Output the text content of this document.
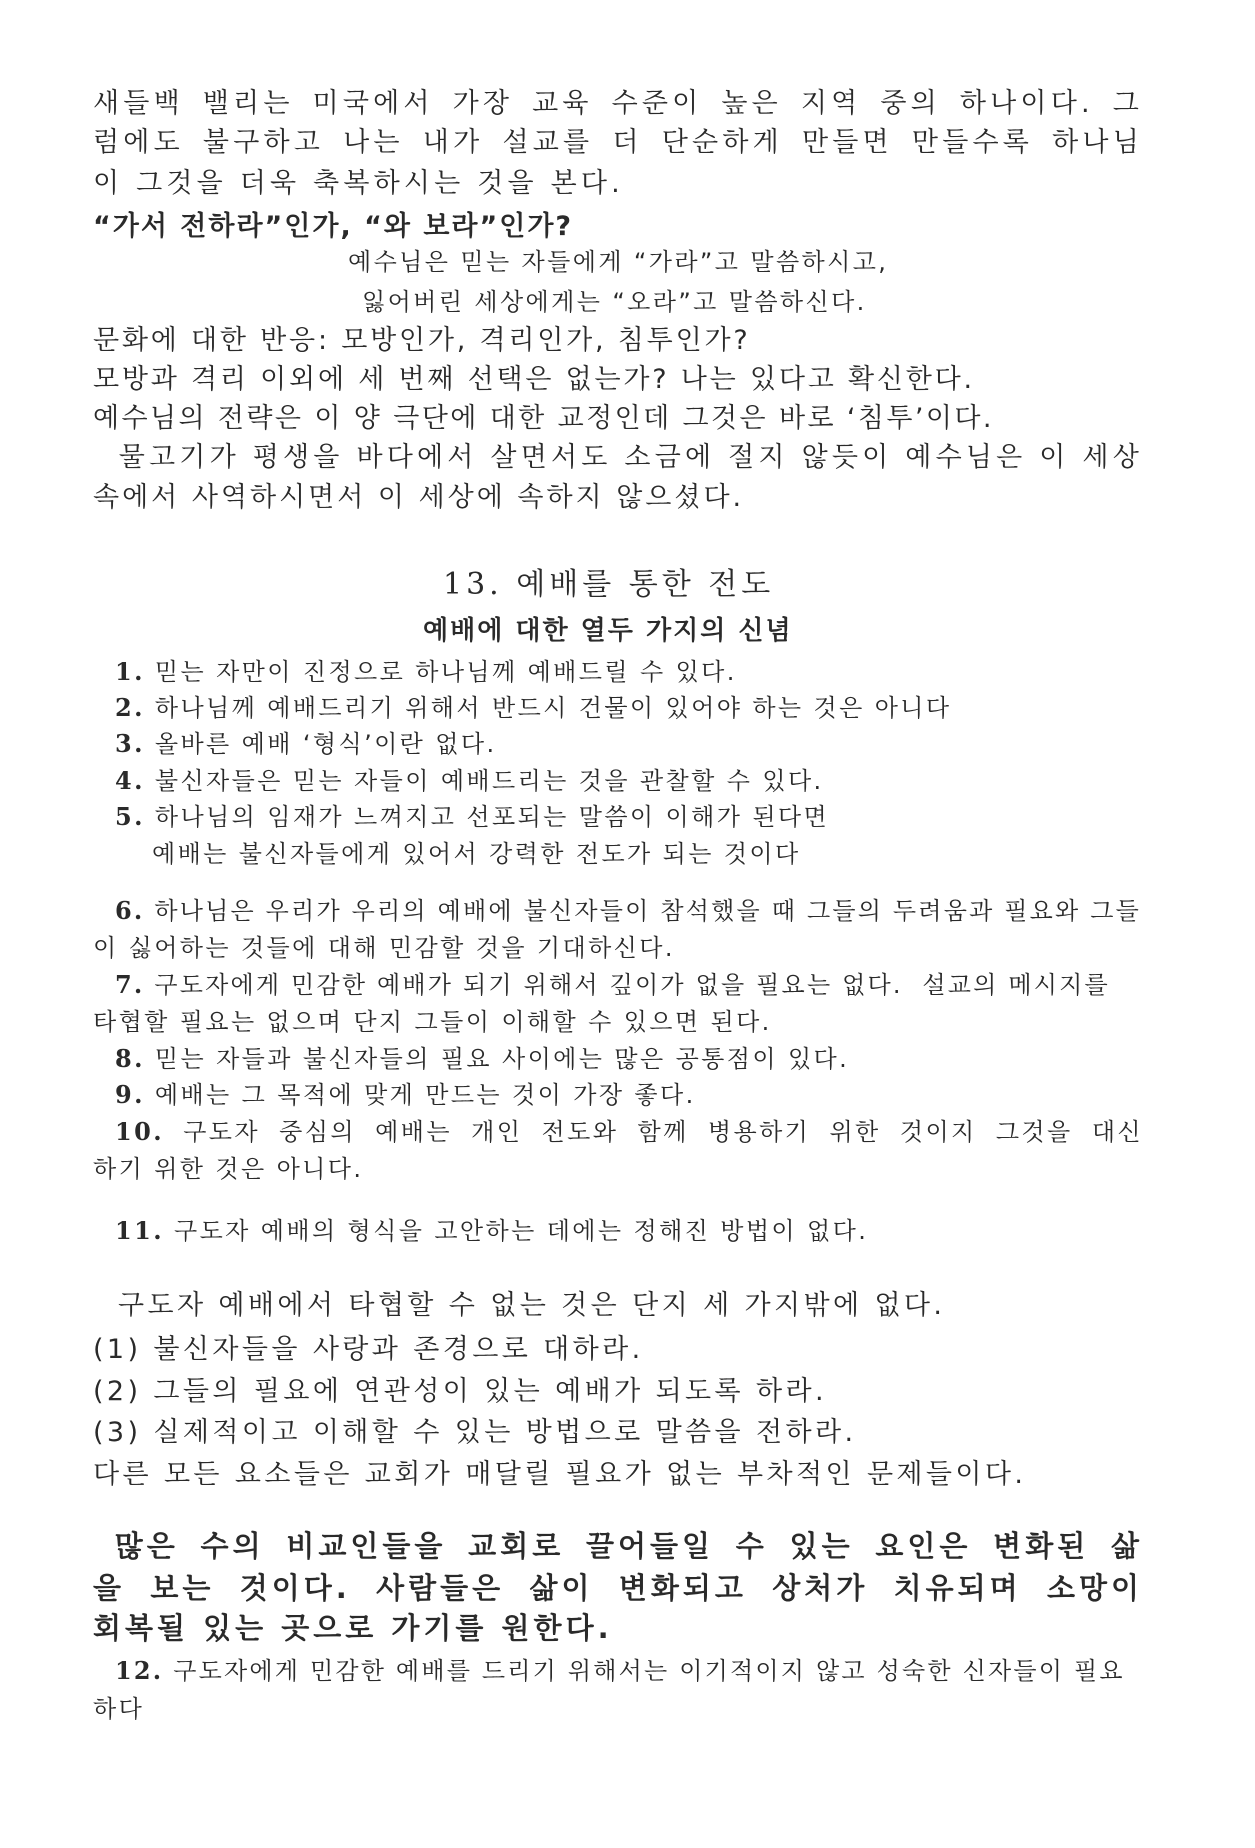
새들백 밸리는 미국에서 가장 교육 수준이 높은 지역 중의 하나이다. 그
럼에도 불구하고 나는 내가 설교를 더 단순하게 만들면 만들수록 하나님
이 그것을 더욱 축복하시는 것을 본다.
“가서 전하라”인가, “와 보라”인가?
예수님은 믿는 자들에게 “가라”고 말씀하시고,
잃어버린 세상에게는 “오라”고 말씀하신다.
문화에 대한 반응: 모방인가, 격리인가, 침투인가?
모방과 격리 이외에 세 번째 선택은 없는가? 나는 있다고 확신한다.
예수님의 전략은 이 양 극단에 대한 교정인데 그것은 바로 ‘침투’이다.
물고기가 평생을 바다에서 살면서도 소금에 절지 않듯이 예수님은 이 세상
속에서 사역하시면서 이 세상에 속하지 않으셨다.
13. 예배를 통한 전도
예배에 대한 열두 가지의 신념
1. 믿는 자만이 진정으로 하나님께 예배드릴 수 있다.
2. 하나님께 예배드리기 위해서 반드시 건물이 있어야 하는 것은 아니다
3. 올바른 예배 ‘형식’이란 없다.
4. 불신자들은 믿는 자들이 예배드리는 것을 관찰할 수 있다.
5. 하나님의 임재가 느껴지고 선포되는 말씀이 이해가 된다면
예배는 불신자들에게 있어서 강력한 전도가 되는 것이다
6. 하나님은 우리가 우리의 예배에 불신자들이 참석했을 때 그들의 두려움과 필요와 그들
이 싫어하는 것들에 대해 민감할 것을 기대하신다.
7. 구도자에게 민감한 예배가 되기 위해서 깊이가 없을 필요는 없다.  설교의 메시지를
타협할 필요는 없으며 단지 그들이 이해할 수 있으면 된다.
8. 믿는 자들과 불신자들의 필요 사이에는 많은 공통점이 있다.
9. 예배는 그 목적에 맞게 만드는 것이 가장 좋다.
10. 구도자 중심의 예배는 개인 전도와 함께 병용하기 위한 것이지 그것을 대신
하기 위한 것은 아니다.
11. 구도자 예배의 형식을 고안하는 데에는 정해진 방법이 없다.
구도자 예배에서 타협할 수 없는 것은 단지 세 가지밖에 없다.
(1) 불신자들을 사랑과 존경으로 대하라.
(2) 그들의 필요에 연관성이 있는 예배가 되도록 하라.
(3) 실제적이고 이해할 수 있는 방법으로 말씀을 전하라.
다른 모든 요소들은 교회가 매달릴 필요가 없는 부차적인 문제들이다.
많은 수의 비교인들을 교회로 끌어들일 수 있는 요인은 변화된 삶
을 보는 것이다. 사람들은 삶이 변화되고 상처가 치유되며 소망이
회복될 있는 곳으로 가기를 원한다.
12. 구도자에게 민감한 예배를 드리기 위해서는 이기적이지 않고 성숙한 신자들이 필요
하다
